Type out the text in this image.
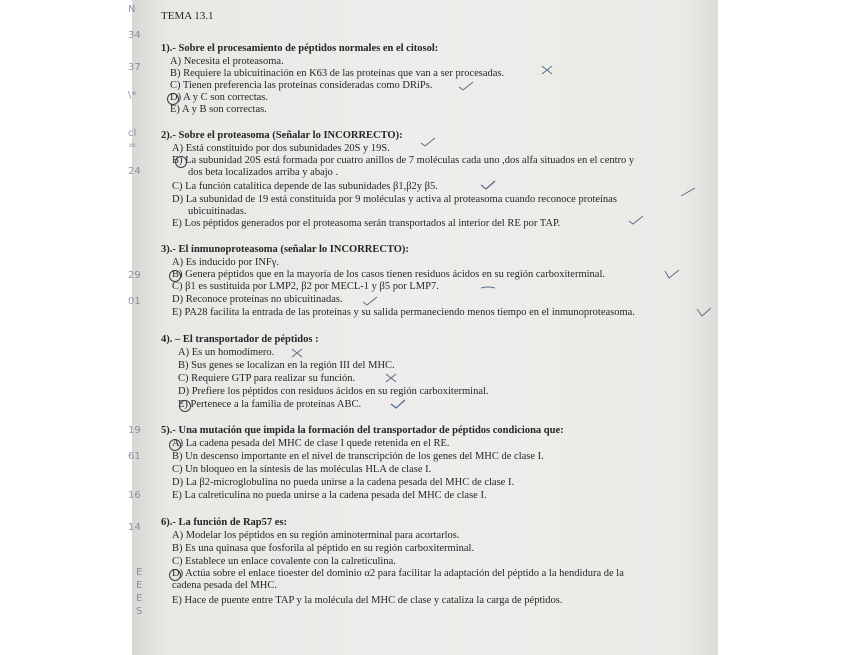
N
34
37
\*
cl
=
24
29
01
19
61
16
14
E
E
E
S
TEMA 13.1
1).- Sobre el procesamiento de péptidos normales en el citosol:
A) Necesita el proteasoma.
B) Requiere la ubicuitinación en K63 de las proteínas que van a ser procesadas.
C) Tienen preferencia las proteínas consideradas como DRiPs.
D) A y C son correctas.
E) A y B son correctas.
2).- Sobre el proteasoma (Señalar lo INCORRECTO):
A) Está constituido por dos subunidades 20S y 19S.
B) La subunidad 20S está formada por cuatro anillos de 7 moléculas cada uno ,dos alfa situados en el centro y
dos beta localizados arriba y abajo .
C) La función catalítica depende de las subunidades β1,β2y β5.
D) La subunidad de 19 está constituida por 9 moléculas y activa al proteasoma cuando reconoce proteínas
ubicuitinadas.
E) Los péptidos generados por el proteasoma serán transportados al interior del RE por TAP.
3).- El inmunoproteasoma (señalar lo INCORRECTO):
A) Es inducido por INFγ.
B) Genera péptidos que en la mayoría de los casos tienen residuos ácidos en su región carboxiterminal.
C) β1 es sustituida por LMP2, β2 por MECL-1 y β5 por LMP7.
D) Reconoce proteínas no ubicuitinadas.
E) PA28 facilita la entrada de las proteínas y su salida permaneciendo menos tiempo en el inmunoproteasoma.
4). – El transportador de péptidos :
A) Es un homodímero.
B) Sus genes se localizan en la región III del MHC.
C) Requiere GTP para realizar su función.
D) Prefiere los péptidos con residuos ácidos en su región carboxiterminal.
E) Pertenece a la familia de proteínas ABC.
5).- Una mutación que impida la formación del transportador de péptidos condiciona que:
A) La cadena pesada del MHC de clase I quede retenida en el RE.
B) Un descenso importante en el nivel de transcripción de los genes del MHC de clase I.
C) Un bloqueo en la síntesis de las moléculas HLA de clase I.
D) La β2-microglobulina no pueda unirse a la cadena pesada del MHC de clase I.
E) La calreticulina no pueda unirse a la cadena pesada del MHC de clase I.
6).- La función de Rap57 es:
A) Modelar los péptidos en su región aminoterminal para acortarlos.
B) Es una quinasa que fosforila al péptido en su región carboxiterminal.
C) Establece un enlace covalente con la calreticulina.
D) Actúa sobre el enlace tioester del dominio α2 para facilitar la adaptación del péptido a la hendidura de la
cadena pesada del MHC.
E) Hace de puente entre TAP y la molécula del MHC de clase y cataliza la carga de péptidos.
